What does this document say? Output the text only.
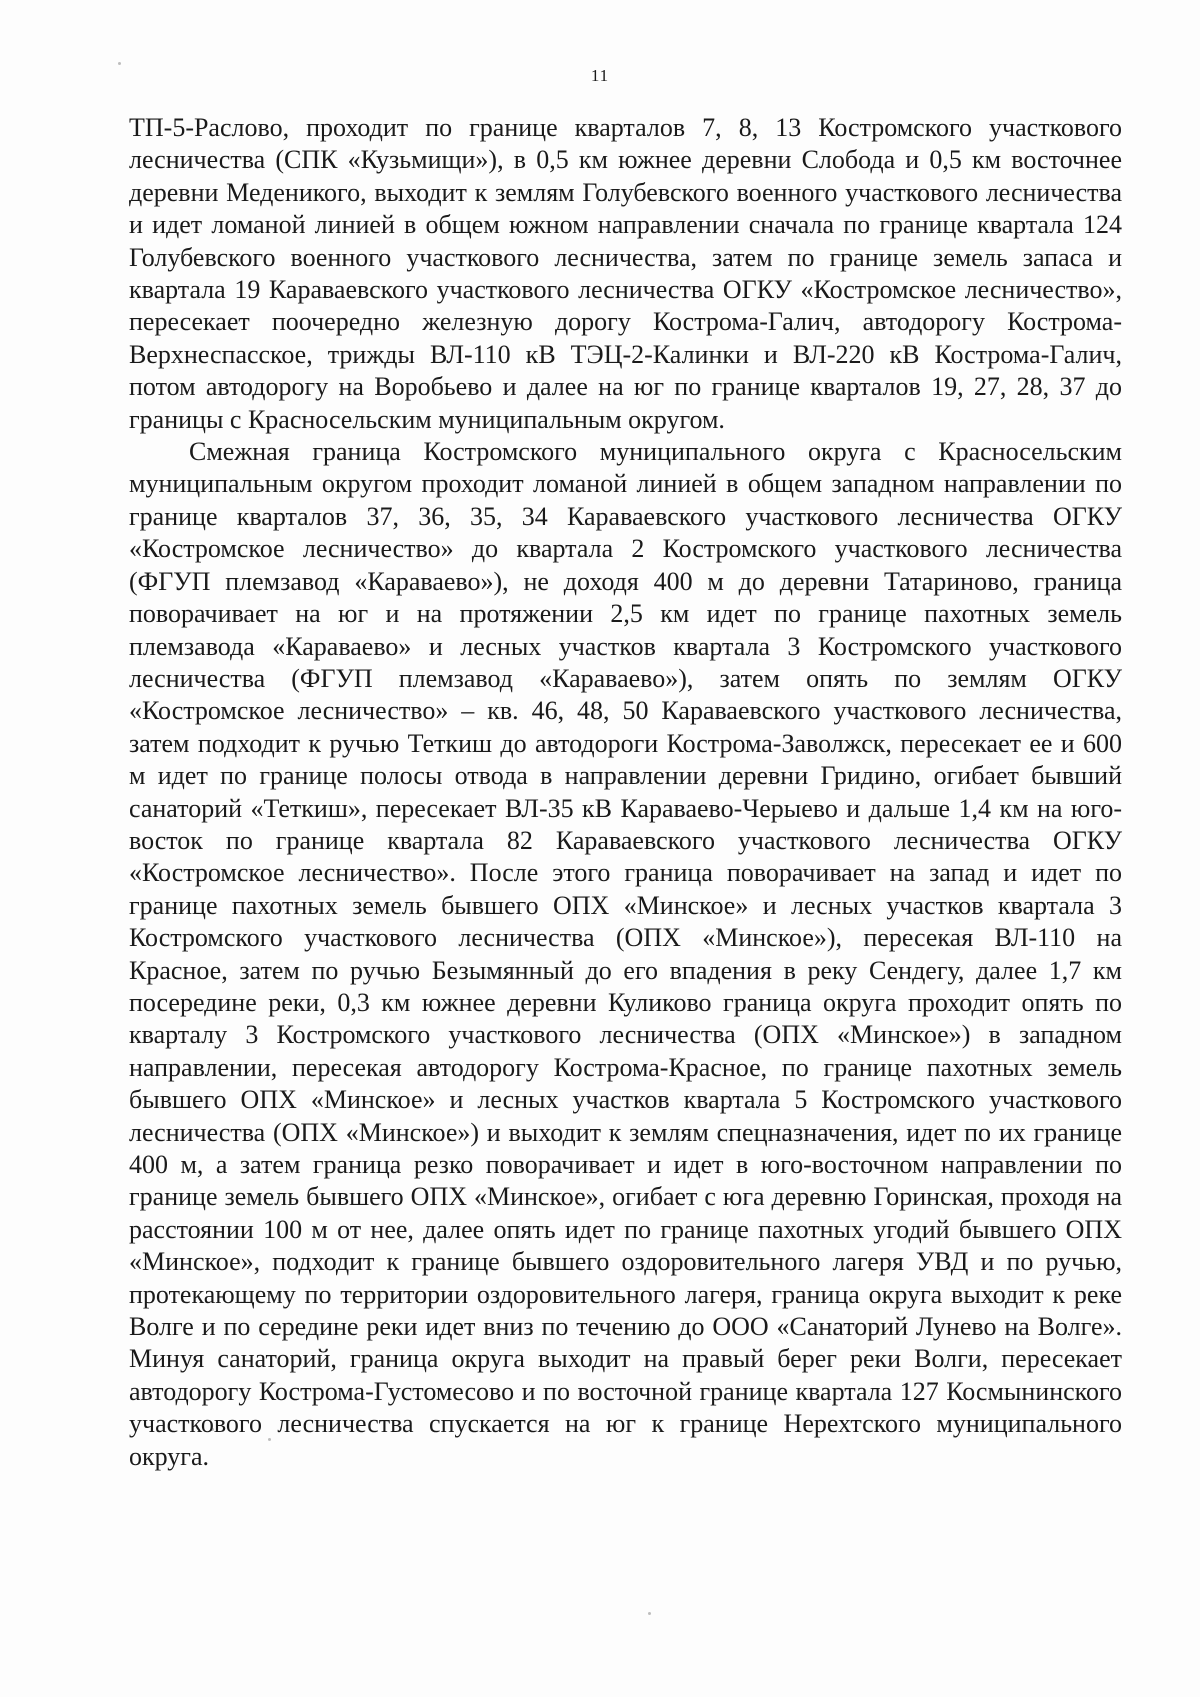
11

ТП-5-Раслово, проходит по границе кварталов 7, 8, 13 Костромского участкового лесничества (СПК «Кузьмищи»), в 0,5 км южнее деревни Слобода и 0,5 км восточнее деревни Меденикого, выходит к землям Голубевского военного участкового лесничества и идет ломаной линией в общем южном направлении сначала по границе квартала 124 Голубевского военного участкового лесничества, затем по границе земель запаса и квартала 19 Караваевского участкового лесничества ОГКУ «Костромское лесничество», пересекает поочередно железную дорогу Кострома-Галич, автодорогу Кострома-Верхнеспасское, трижды ВЛ-110 кВ ТЭЦ-2-Калинки и ВЛ-220 кВ Кострома-Галич, потом автодорогу на Воробьево и далее на юг по границе кварталов 19, 27, 28, 37 до границы с Красносельским муниципальным округом.

Смежная граница Костромского муниципального округа с Красносельским муниципальным округом проходит ломаной линией в общем западном направлении по границе кварталов 37, 36, 35, 34 Караваевского участкового лесничества ОГКУ «Костромское лесничество» до квартала 2 Костромского участкового лесничества (ФГУП племзавод «Караваево»), не доходя 400 м до деревни Татариново, граница поворачивает на юг и на протяжении 2,5 км идет по границе пахотных земель племзавода «Караваево» и лесных участков квартала 3 Костромского участкового лесничества (ФГУП племзавод «Караваево»), затем опять по землям ОГКУ «Костромское лесничество» – кв. 46, 48, 50 Караваевского участкового лесничества, затем подходит к ручью Теткиш до автодороги Кострома-Заволжск, пересекает ее и 600 м идет по границе полосы отвода в направлении деревни Гридино, огибает бывший санаторий «Теткиш», пересекает ВЛ-35 кВ Караваево-Черыево и дальше 1,4 км на юго-восток по границе квартала 82 Караваевского участкового лесничества ОГКУ «Костромское лесничество». После этого граница поворачивает на запад и идет по границе пахотных земель бывшего ОПХ «Минское» и лесных участков квартала 3 Костромского участкового лесничества (ОПХ «Минское»), пересекая ВЛ-110 на Красное, затем по ручью Безымянный до его впадения в реку Сендегу, далее 1,7 км посередине реки, 0,3 км южнее деревни Куликово граница округа проходит опять по кварталу 3 Костромского участкового лесничества (ОПХ «Минское») в западном направлении, пересекая автодорогу Кострома-Красное, по границе пахотных земель бывшего ОПХ «Минское» и лесных участков квартала 5 Костромского участкового лесничества (ОПХ «Минское») и выходит к землям спецназначения, идет по их границе 400 м, а затем граница резко поворачивает и идет в юго-восточном направлении по границе земель бывшего ОПХ «Минское», огибает с юга деревню Горинская, проходя на расстоянии 100 м от нее, далее опять идет по границе пахотных угодий бывшего ОПХ «Минское», подходит к границе бывшего оздоровительного лагеря УВД и по ручью, протекающему по территории оздоровительного лагеря, граница округа выходит к реке Волге и по середине реки идет вниз по течению до ООО «Санаторий Лунево на Волге». Минуя санаторий, граница округа выходит на правый берег реки Волги, пересекает автодорогу Кострома-Густомесово и по восточной границе квартала 127 Космынинского участкового лесничества спускается на юг к границе Нерехтского муниципального округа.
